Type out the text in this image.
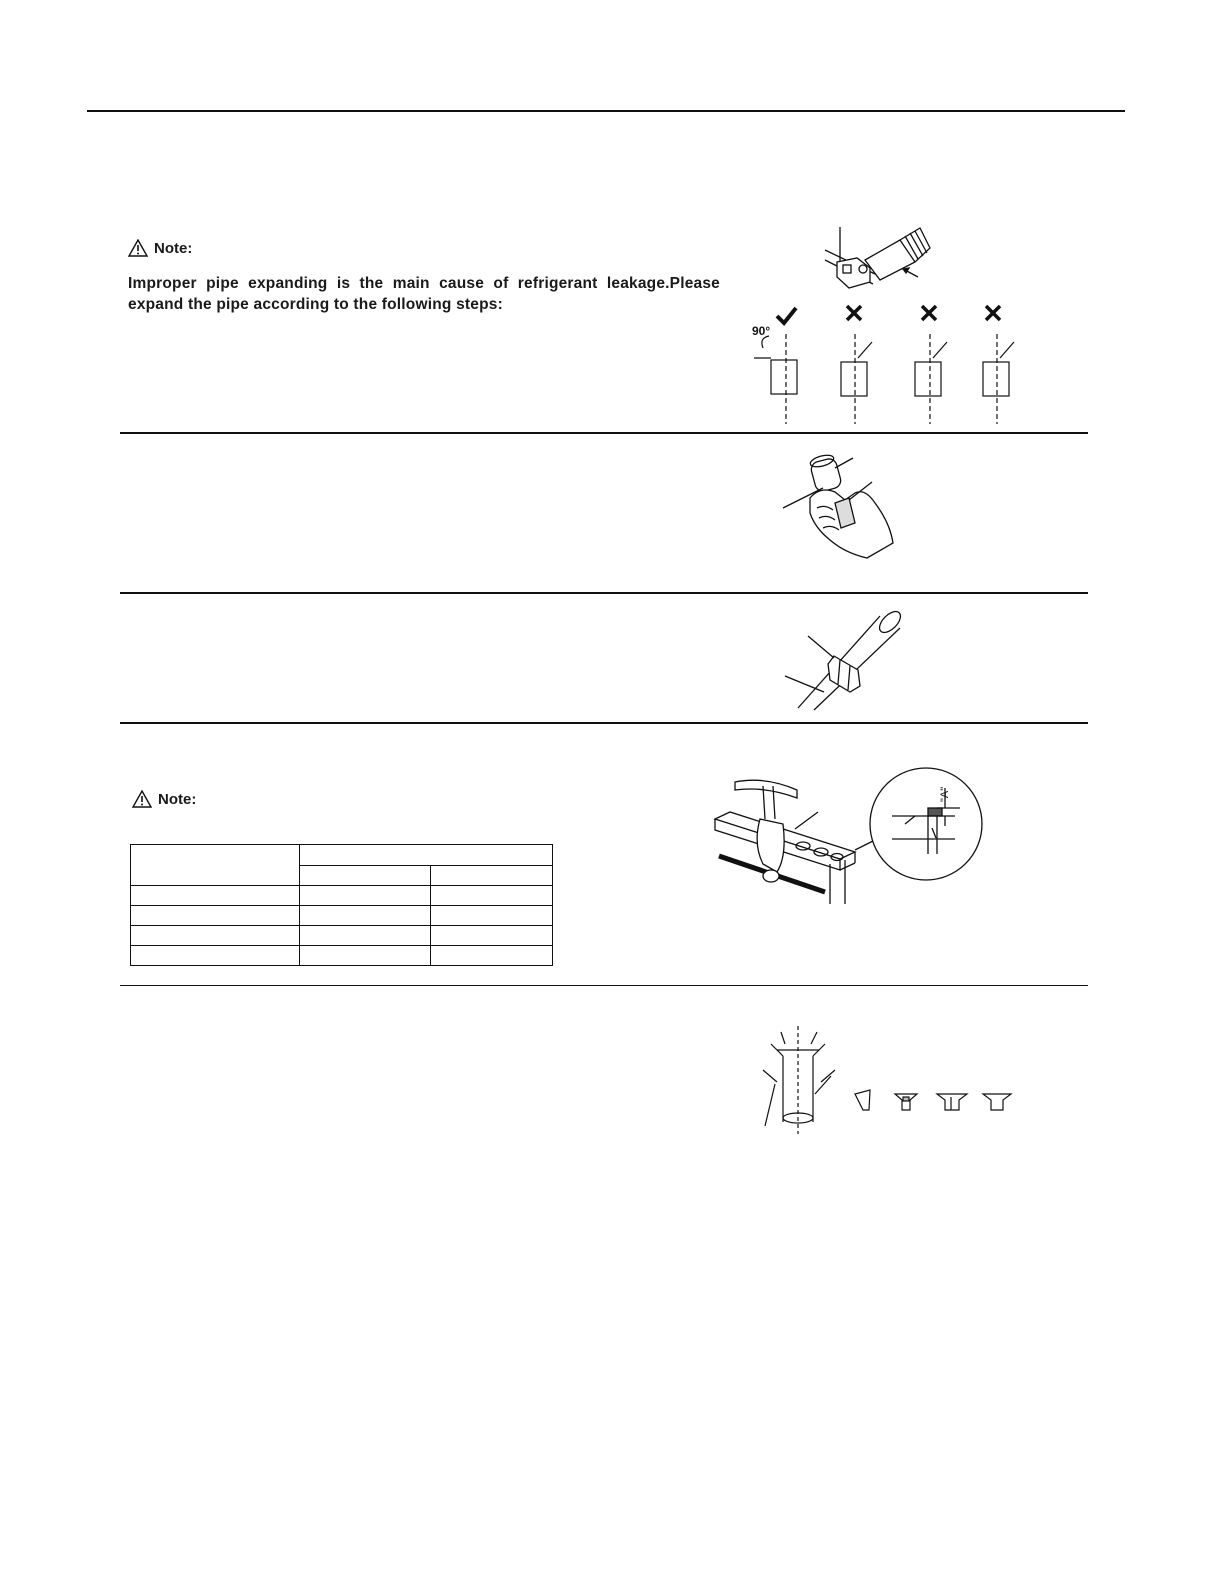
Note:
Improper pipe expanding is the main cause of refrigerant leakage.Please expand the pipe according to the following steps:
90°
Note:

			"A"
